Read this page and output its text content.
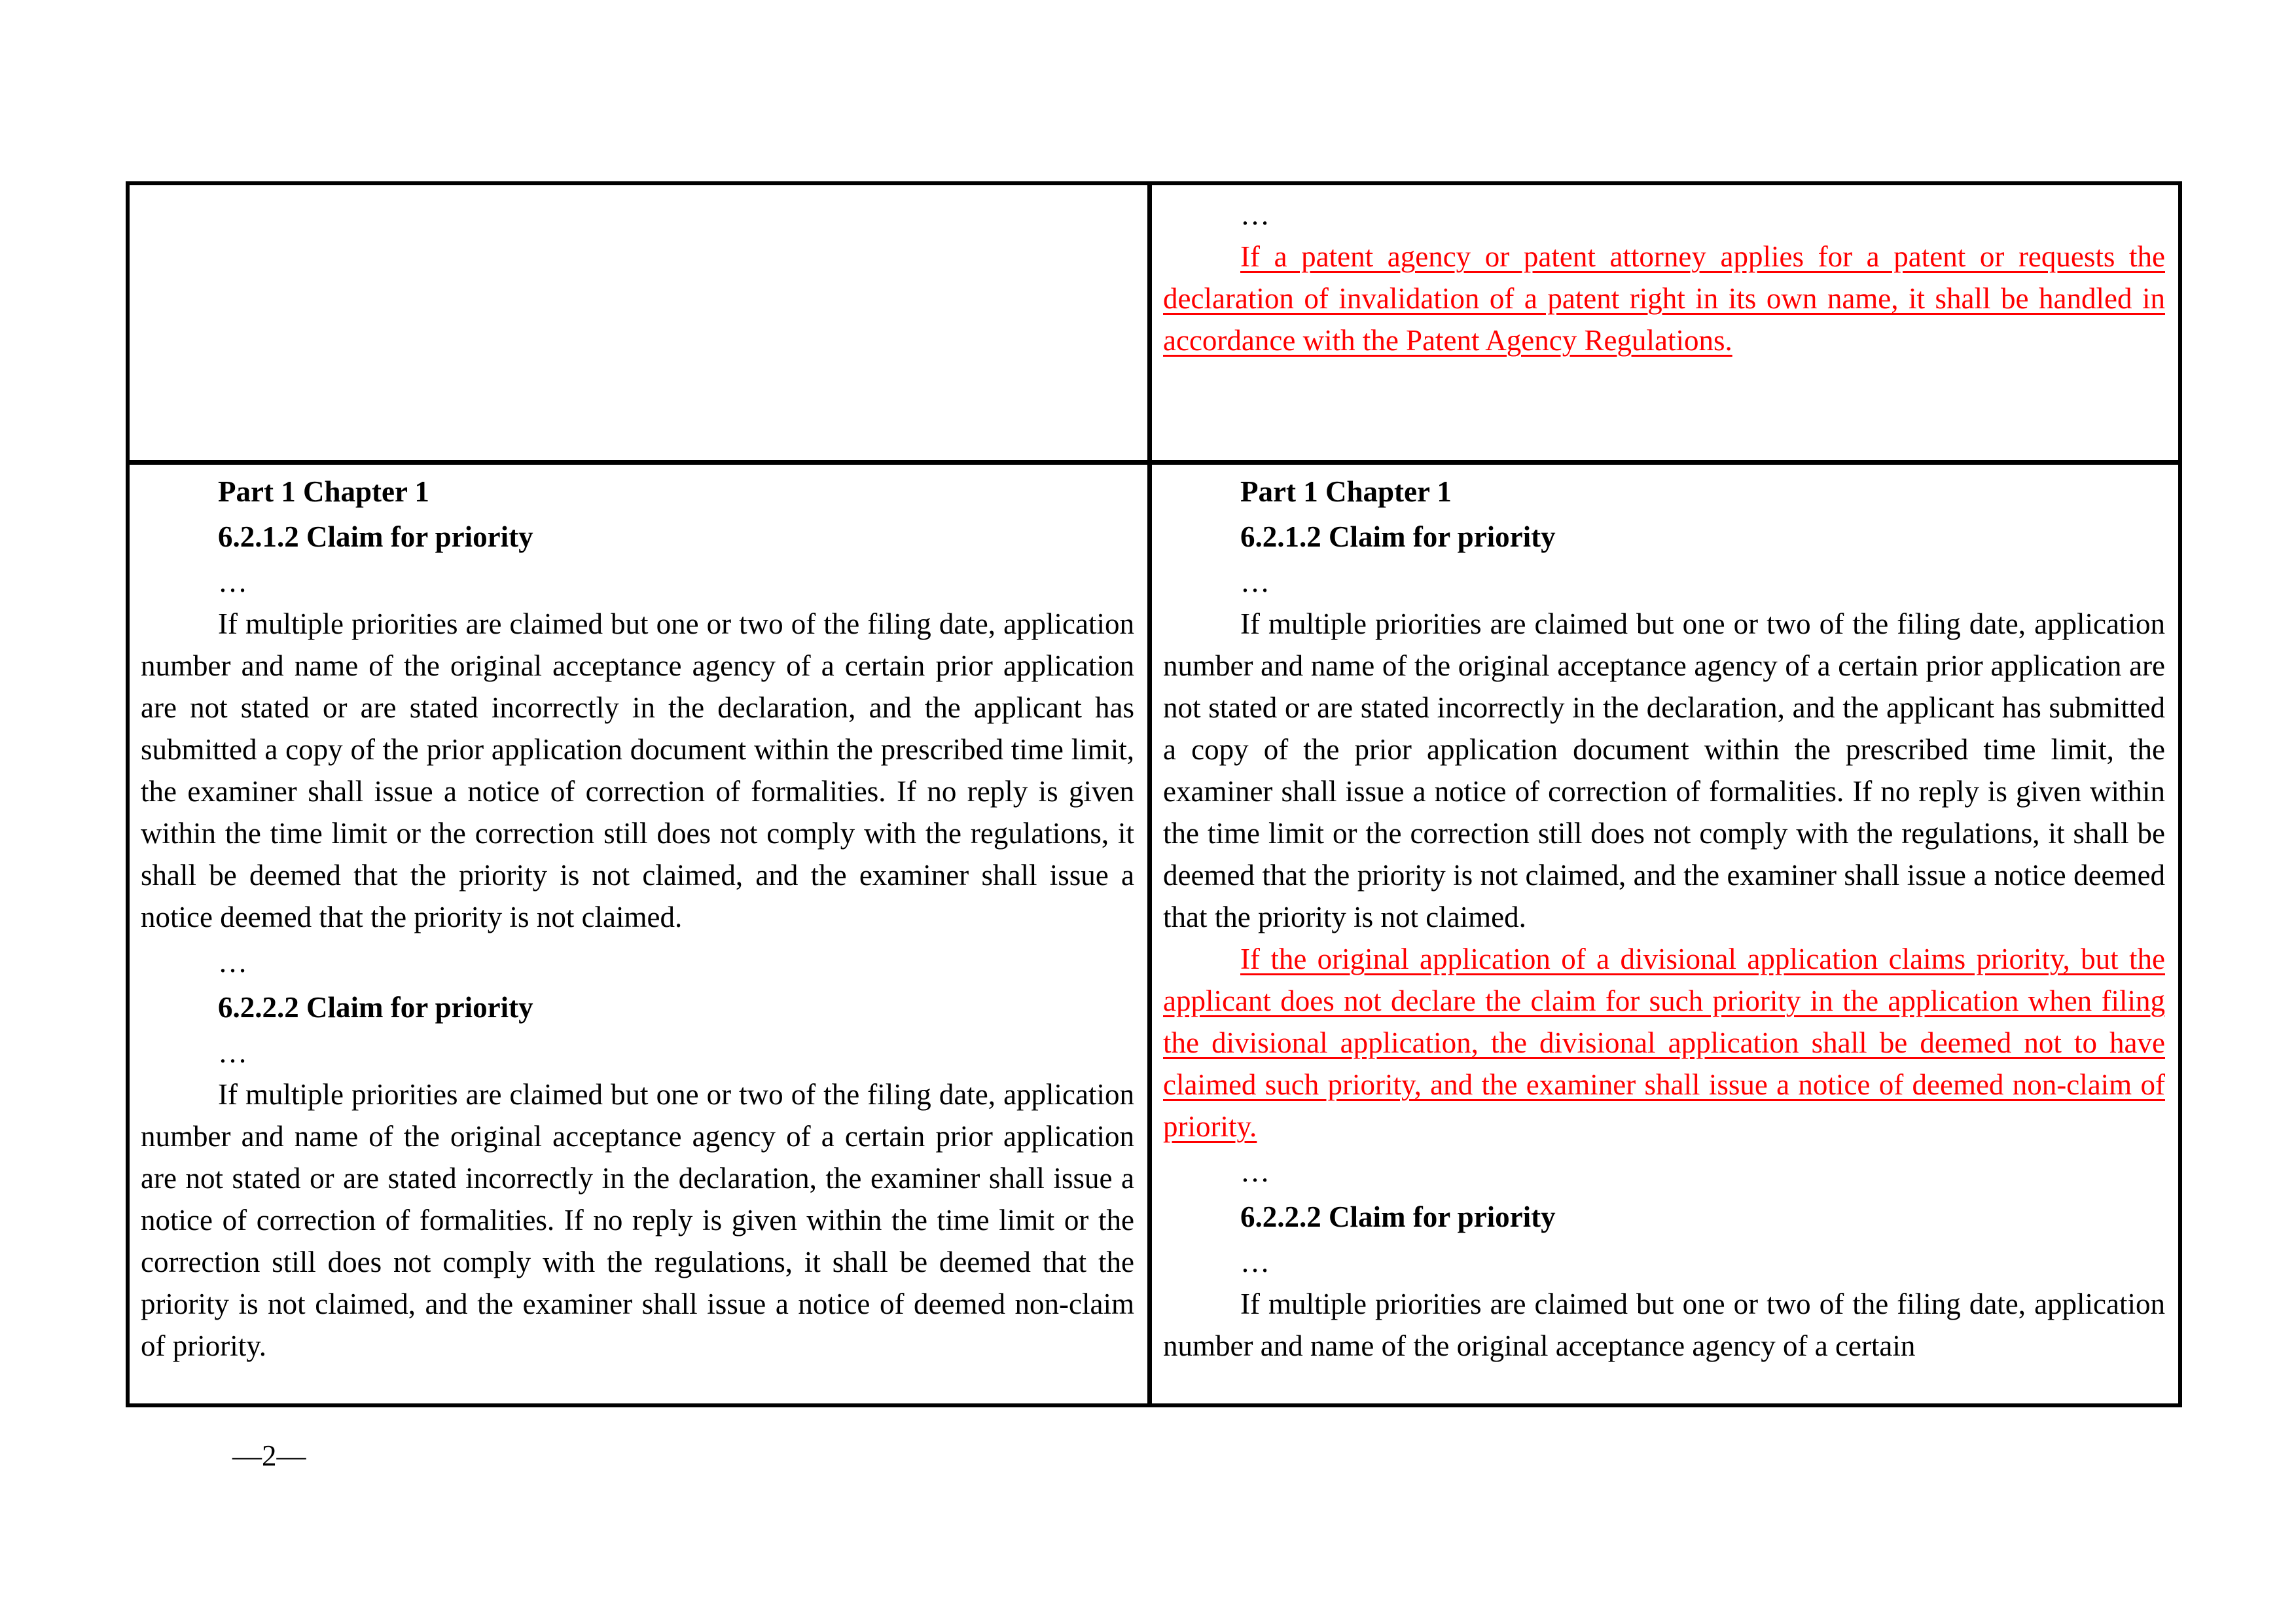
…

If a patent agency or patent attorney applies for a patent or requests the declaration of invalidation of a patent right in its own name, it shall be handled in accordance with the Patent Agency Regulations.

Part 1 Chapter 1

6.2.1.2 Claim for priority

…

If multiple priorities are claimed but one or two of the filing date, application number and name of the original acceptance agency of a certain prior application are not stated or are stated incorrectly in the declaration, and the applicant has submitted a copy of the prior application document within the prescribed time limit, the examiner shall issue a notice of correction of formalities. If no reply is given within the time limit or the correction still does not comply with the regulations, it shall be deemed that the priority is not claimed, and the examiner shall issue a notice deemed that the priority is not claimed.

…

6.2.2.2 Claim for priority

…

If multiple priorities are claimed but one or two of the filing date, application number and name of the original acceptance agency of a certain prior application are not stated or are stated incorrectly in the declaration, the examiner shall issue a notice of correction of formalities. If no reply is given within the time limit or the correction still does not comply with the regulations, it shall be deemed that the priority is not claimed, and the examiner shall issue a notice of deemed non-claim of priority.

Part 1 Chapter 1

6.2.1.2 Claim for priority

…

If multiple priorities are claimed but one or two of the filing date, application number and name of the original acceptance agency of a certain prior application are not stated or are stated incorrectly in the declaration, and the applicant has submitted a copy of the prior application document within the prescribed time limit, the examiner shall issue a notice of correction of formalities. If no reply is given within the time limit or the correction still does not comply with the regulations, it shall be deemed that the priority is not claimed, and the examiner shall issue a notice deemed that the priority is not claimed.

If the original application of a divisional application claims priority, but the applicant does not declare the claim for such priority in the application when filing the divisional application, the divisional application shall be deemed not to have claimed such priority, and the examiner shall issue a notice of deemed non-claim of priority.

…

6.2.2.2 Claim for priority

…

If multiple priorities are claimed but one or two of the filing date, application number and name of the original acceptance agency of a certain

—2—
